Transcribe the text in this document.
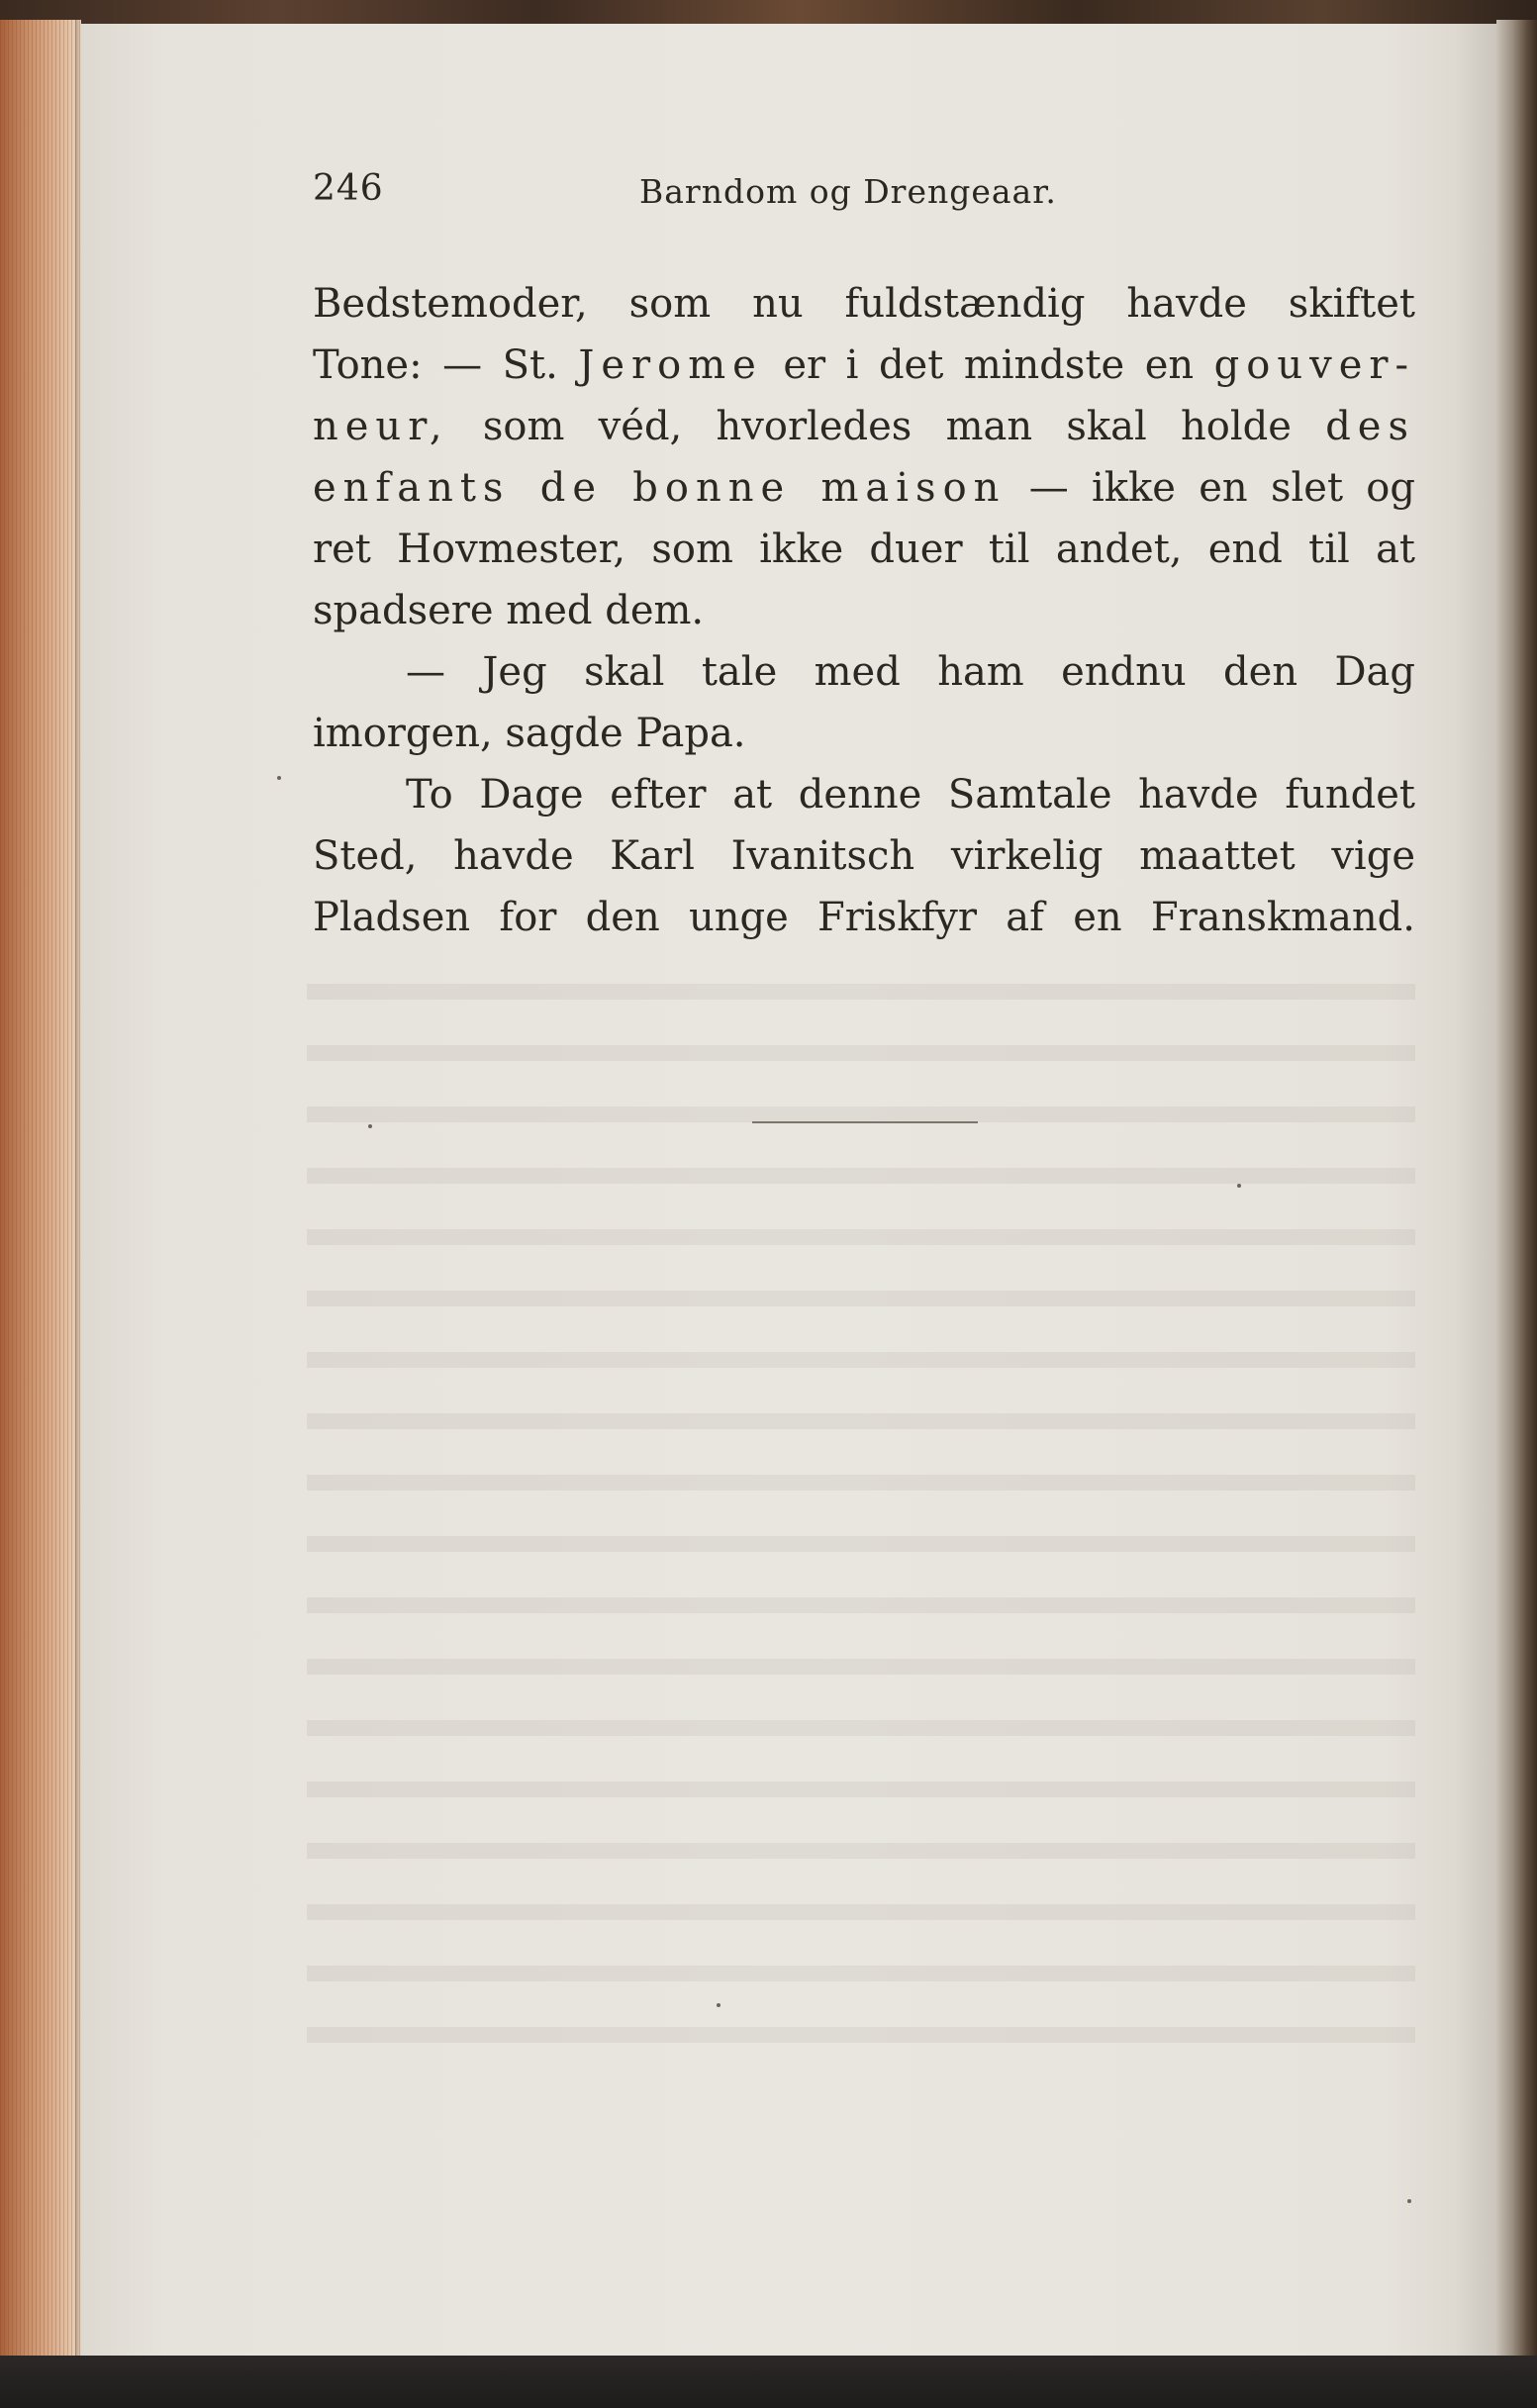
246	Barndom og Drengeaar.
Bedstemoder, som nu fuldstændig havde skiftet
Tone: — St. Jerome er i det mindste en gouver-
neur, som véd, hvorledes man skal holde des
enfants de bonne maison — ikke en slet og
ret Hovmester, som ikke duer til andet, end til at
spadsere med dem.
— Jeg skal tale med ham endnu den Dag
imorgen, sagde Papa.
To Dage efter at denne Samtale havde fundet
Sted, havde Karl Ivanitsch virkelig maattet vige
Pladsen for den unge Friskfyr af en Franskmand.
